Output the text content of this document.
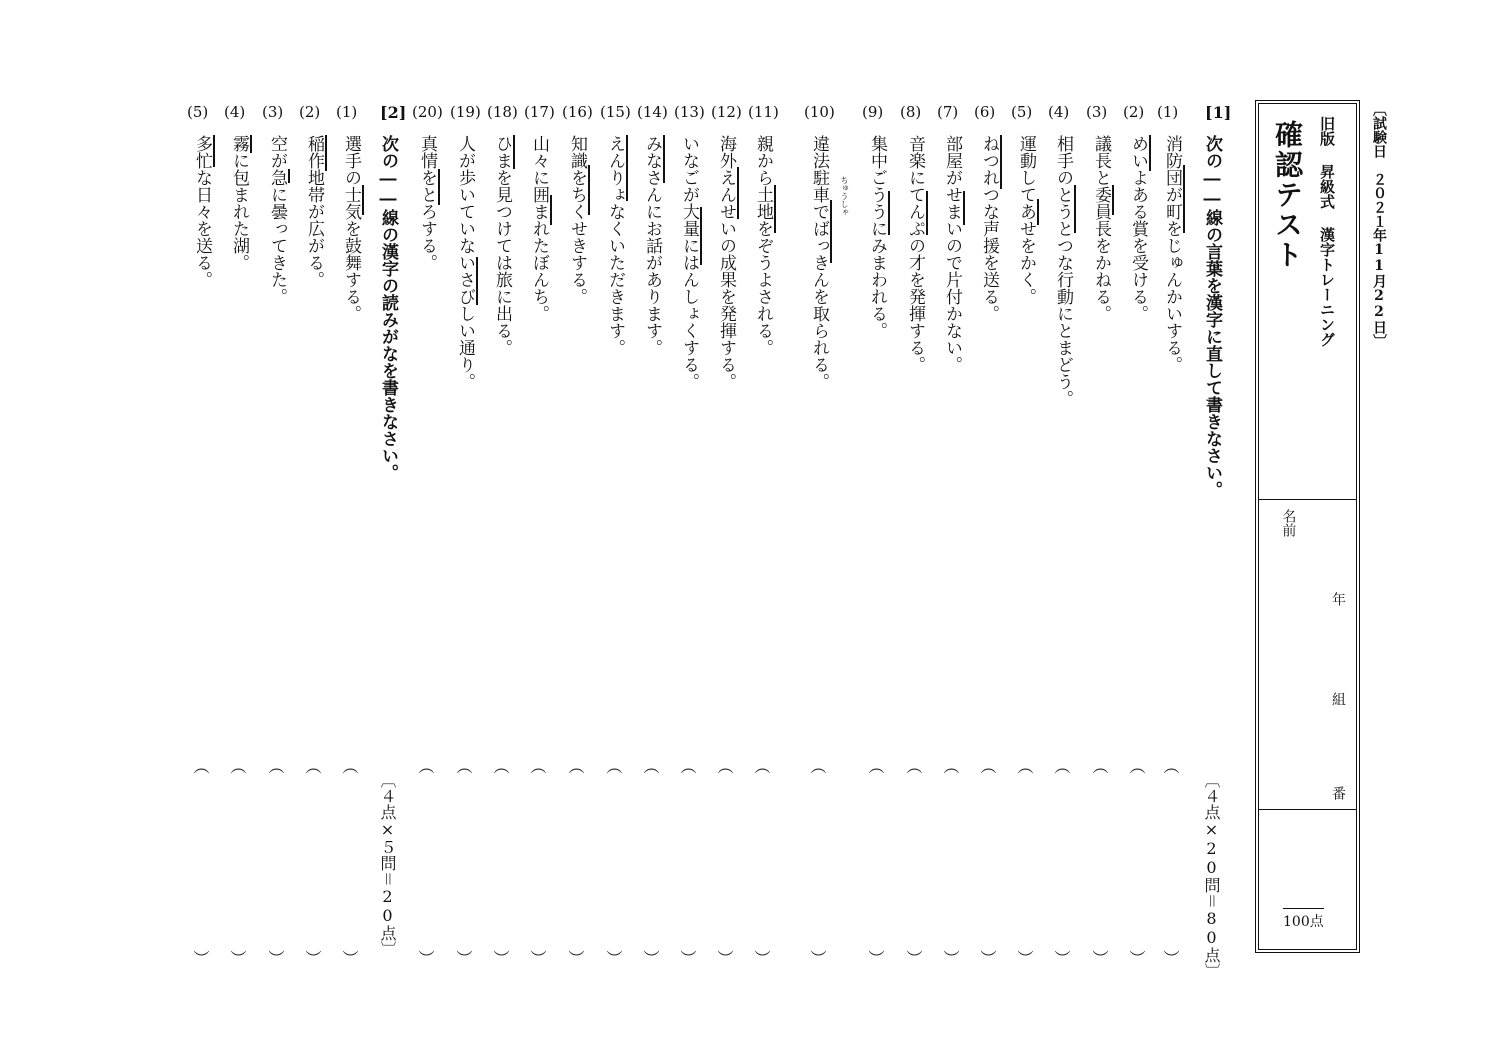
〔試験日　２０２１年11月22日〕
旧版 昇級式 漢字トレーニング
確認テスト
名前
年
組
番
100点
[1]
次の――線の言葉を漢字に直して書きなさい。
〔４点×20問＝80点〕
(1)
消防団が町をじゅんかいする。
（　　　　　　　　　　　）
(2)
めいよある賞を受ける。
（　　　　　　　　　　　）
(3)
議長と委員長をかねる。
（　　　　　　　　　　　）
(4)
相手のとうとつな行動にとまどう。
（　　　　　　　　　　　）
(5)
運動してあせをかく。
（　　　　　　　　　　　）
(6)
ねつれつな声援を送る。
（　　　　　　　　　　　）
(7)
部屋がせまいので片付かない。
（　　　　　　　　　　　）
(8)
音楽にてんぷの才を発揮する。
（　　　　　　　　　　　）
(9)
集中ごううにみまわれる。
（　　　　　　　　　　　）
(10)
違法駐車でばっきんを取られる。
（　　　　　　　　　　　）
(11)
親から土地をぞうよされる。
（　　　　　　　　　　　）
(12)
海外えんせいの成果を発揮する。
（　　　　　　　　　　　）
(13)
いなごが大量にはんしょくする。
（　　　　　　　　　　　）
(14)
みなさんにお話があります。
（　　　　　　　　　　　）
(15)
えんりょなくいただきます。
（　　　　　　　　　　　）
(16)
知識をちくせきする。
（　　　　　　　　　　　）
(17)
山々に囲まれたぼんち。
（　　　　　　　　　　　）
(18)
ひまを見つけては旅に出る。
（　　　　　　　　　　　）
(19)
人が歩いていないさびしい通り。
（　　　　　　　　　　　）
(20)
真情をとろする。
（　　　　　　　　　　　）
ちゅうしゃ
[2]
次の――線の漢字の読みがなを書きなさい。
〔４点×５問＝20点〕
(1)
選手の士気を鼓舞する。
（　　　　　　　　　　　）
(2)
稲作地帯が広がる。
（　　　　　　　　　　　）
(3)
空が急に曇ってきた。
（　　　　　　　　　　　）
(4)
霧に包まれた湖。
（　　　　　　　　　　　）
(5)
多忙な日々を送る。
（　　　　　　　　　　　）
